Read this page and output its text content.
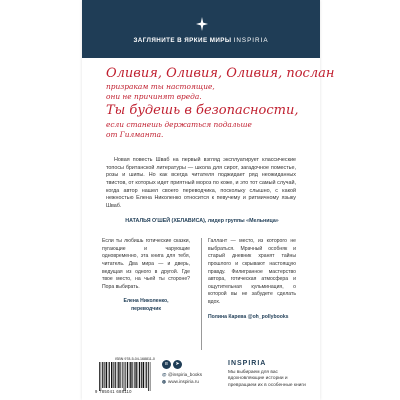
ЗАГЛЯНИТЕ В ЯРКИЕ МИРЫ INSPIRIA
Оливия, Оливия, Оливия, послан
призракам ты настоящие,
они не причинят вреда.
Ты будешь в безопасности,
если станешь держаться подальше
от Гилманта.

Новая повесть Шваб на первый взгляд эксплуатирует классические топосы британской литературы — школа для сирот, загадочное поместье, розы и шипы. Но как всегда читателя поджидает ряд неожиданных твистов, от которых идет приятный мороз по коже, и это тот самый случай, когда автор нашел своего переводчика, поскольку слышно, с какой нежностью Елена Николенко относится к певучему и ритмичному языку Шваб.

НАТАЛЬЯ О'ШЕЙ (ХЕЛАВИСА), лидер группы «Мельница»

Если ты любишь готические сказки, пугающие и чарующие одновременно, эта книга для тебя, читатель. Два мира — и дверь, ведущая из одного в другой. Где твое место, на чьей ты стороне? Пора выбирать.

Елена Николенко,
переводчик

Галлант — место, из которого не выбраться. Мрачный особняк и старый дневник хранят тайны прошлого и скрывают настоящую правду. Филигранное мастерство автора, готическая атмосфера и ощутительная кульминация, о которой вы не забудете сделать вдох.

Полина Карева @oh_pollybooks
ISBN 978-5-04-168811-0
9 785041 688110
в	➤
@ @inspiria_books
◍ www.inspiria.ru
INSPIRIA
Мы выбираем для вас вдохновляющие истории и превращаем их в особенные книги
